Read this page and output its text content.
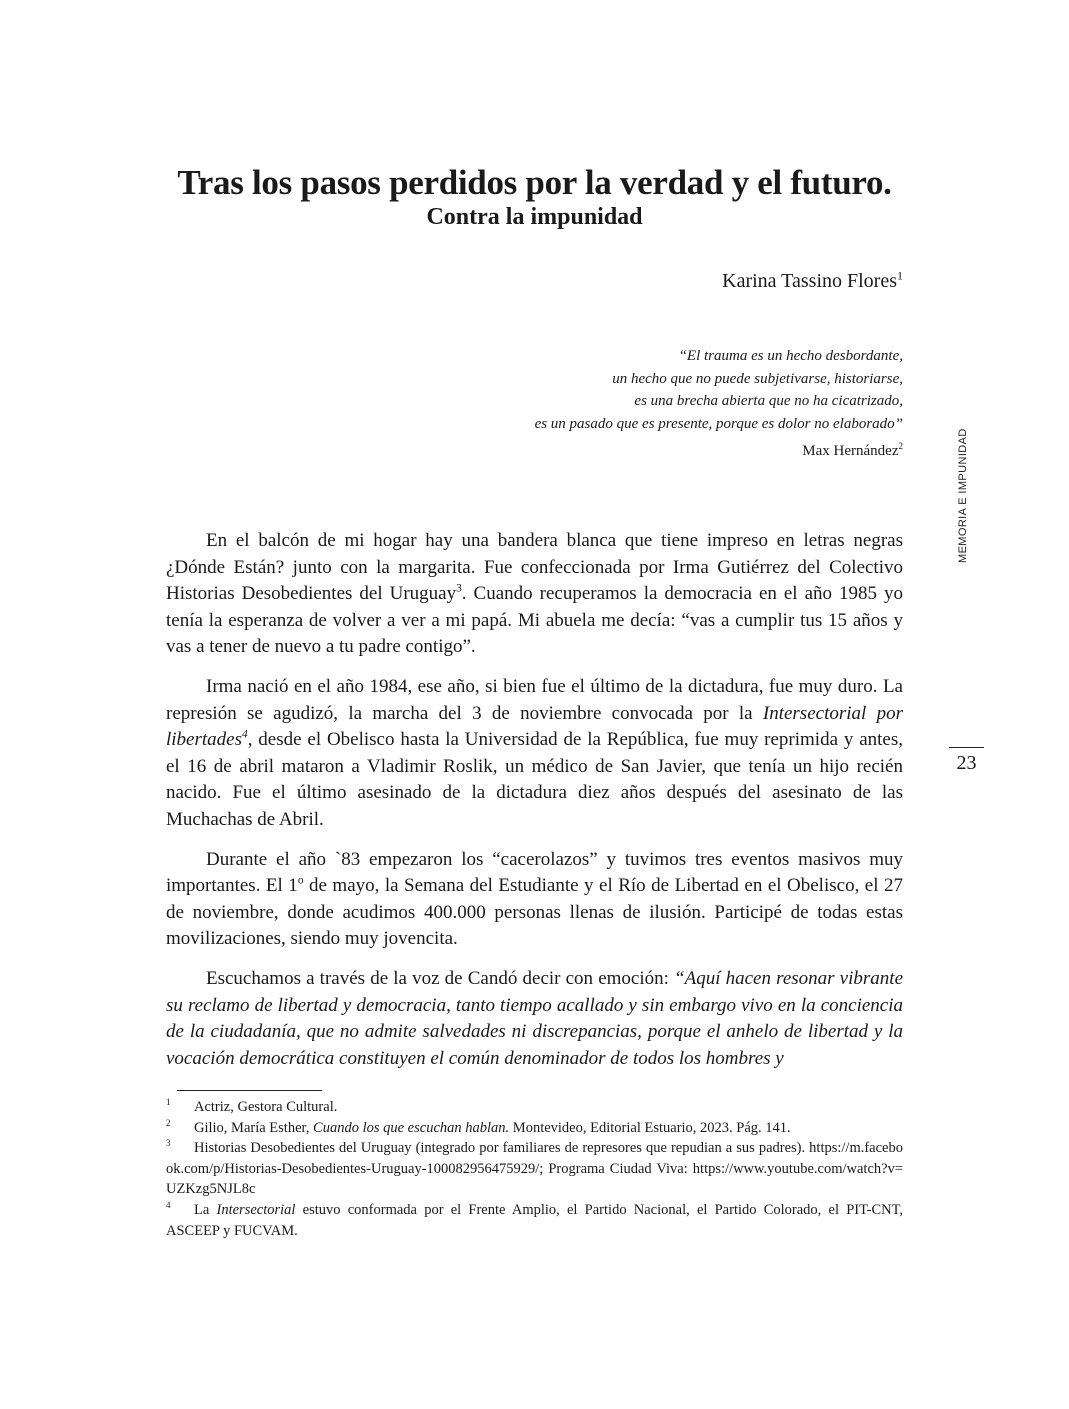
Tras los pasos perdidos por la verdad y el futuro.
Contra la impunidad
Karina Tassino Flores$^1$
“El trauma es un hecho desbordante,
un hecho que no puede subjetivarse, historiarse,
es una brecha abierta que no ha cicatrizado,
es un pasado que es presente, porque es dolor no elaborado”
Max Hernández$^2$	MEMORIA E IMPUNIDAD
23

En el balcón de mi hogar hay una bandera blanca que tiene impreso en letras negras ¿Dónde Están? junto con la margarita. Fue confeccionada por Irma Gutiérrez del Colectivo Historias Desobedientes del Uruguay$^3$. Cuando recuperamos la democracia en el año 1985 yo tenía la esperanza de volver a ver a mi papá. Mi abuela me decía: “vas a cumplir tus 15 años y vas a tener de nuevo a tu padre contigo”.

Irma nació en el año 1984, ese año, si bien fue el último de la dictadura, fue muy duro. La represión se agudizó, la marcha del 3 de noviembre convocada por la Intersectorial por libertades$^4$, desde el Obelisco hasta la Universidad de la República, fue muy reprimida y antes, el 16 de abril mataron a Vladimir Roslik, un médico de San Javier, que tenía un hijo recién nacido. Fue el último asesinado de la dictadura diez años después del asesinato de las Muchachas de Abril.

Durante el año `83 empezaron los “cacerolazos” y tuvimos tres eventos masivos muy importantes. El 1$^o$ de mayo, la Semana del Estudiante y el Río de Libertad en el Obelisco, el 27 de noviembre, donde acudimos 400.000 personas llenas de ilusión. Participé de todas estas movilizaciones, siendo muy jovencita.

Escuchamos a través de la voz de Candó decir con emoción: “Aquí hacen resonar vibrante su reclamo de libertad y democracia, tanto tiempo acallado y sin embargo vivo en la conciencia de la ciudadanía, que no admite salvedades ni discrepancias, porque el anhelo de libertad y la vocación democrática constituyen el común denominador de todos los hombres y

1 Actriz, Gestora Cultural.

2 Gilio, María Esther, Cuando los que escuchan hablan. Montevideo, Editorial Estuario, 2023. Pág. 141.

3 Historias Desobedientes del Uruguay (integrado por familiares de represores que repudian a sus padres). https://m.facebook.com/p/Historias-Desobedientes-Uruguay-100082956475929/; Programa Ciudad Viva: https://www.youtube.com/watch?v=UZKzg5NJL8c

4 La Intersectorial estuvo conformada por el Frente Amplio, el Partido Nacional, el Partido Colorado, el PIT-CNT, ASCEEP y FUCVAM.
